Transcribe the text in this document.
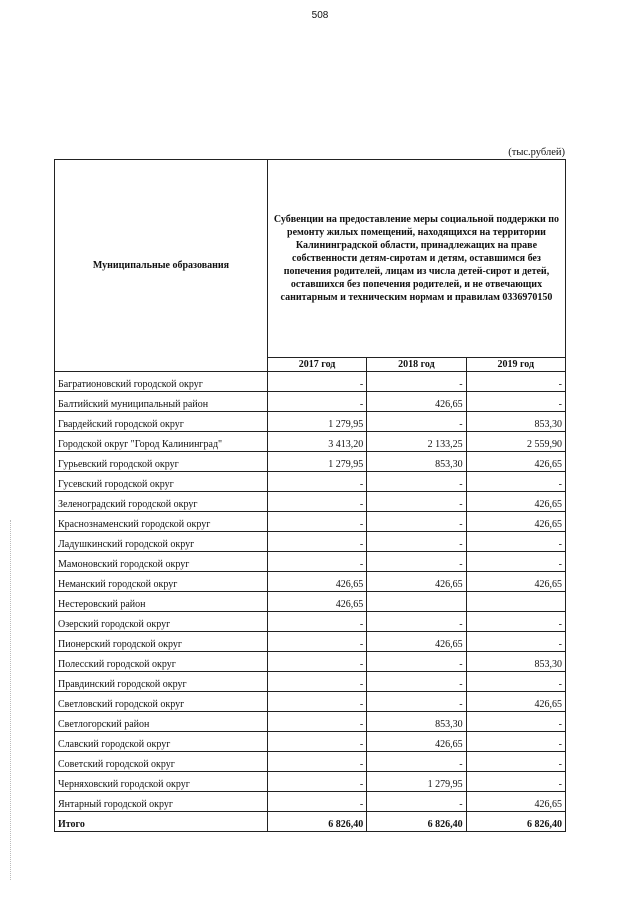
508
(тыс.рублей)
Муниципальные образования	Субвенции на предоставление меры социальной поддержки по ремонту жилых помещений, находящихся на территории Калининградской области, принадлежащих на праве собственности детям-сиротам и детям, оставшимся без попечения родителей, лицам из числа детей-сирот и детей, оставшихся без попечения родителей, и не отвечающих санитарным и техническим нормам и правилам 0336970150		
	2017 год	2018 год	2019 год
Багратионовский городской округ	-	-	-
Балтийский муниципальный район	-	426,65	-
Гвардейский городской округ	1 279,95	-	853,30
Городской округ "Город Калининград"	3 413,20	2 133,25	2 559,90
Гурьевский городской округ	1 279,95	853,30	426,65
Гусевский городской округ	-	-	-
Зеленоградский городской округ	-	-	426,65
Краснознаменский городской округ	-	-	426,65
Ладушкинский городской округ	-	-	-
Мамоновский городской округ	-	-	-
Неманский городской округ	426,65	426,65	426,65
Нестеровский район	426,65		
Озерский городской округ	-	-	-
Пионерский городской округ	-	426,65	-
Полесский городской округ	-	-	853,30
Правдинский городской округ	-	-	-
Светловский городской округ	-	-	426,65
Светлогорский район	-	853,30	-
Славский городской округ	-	426,65	-
Советский городской округ	-	-	-
Черняховский городской округ	-	1 279,95	-
Янтарный городской округ	-	-	426,65
Итого	6 826,40	6 826,40	6 826,40
